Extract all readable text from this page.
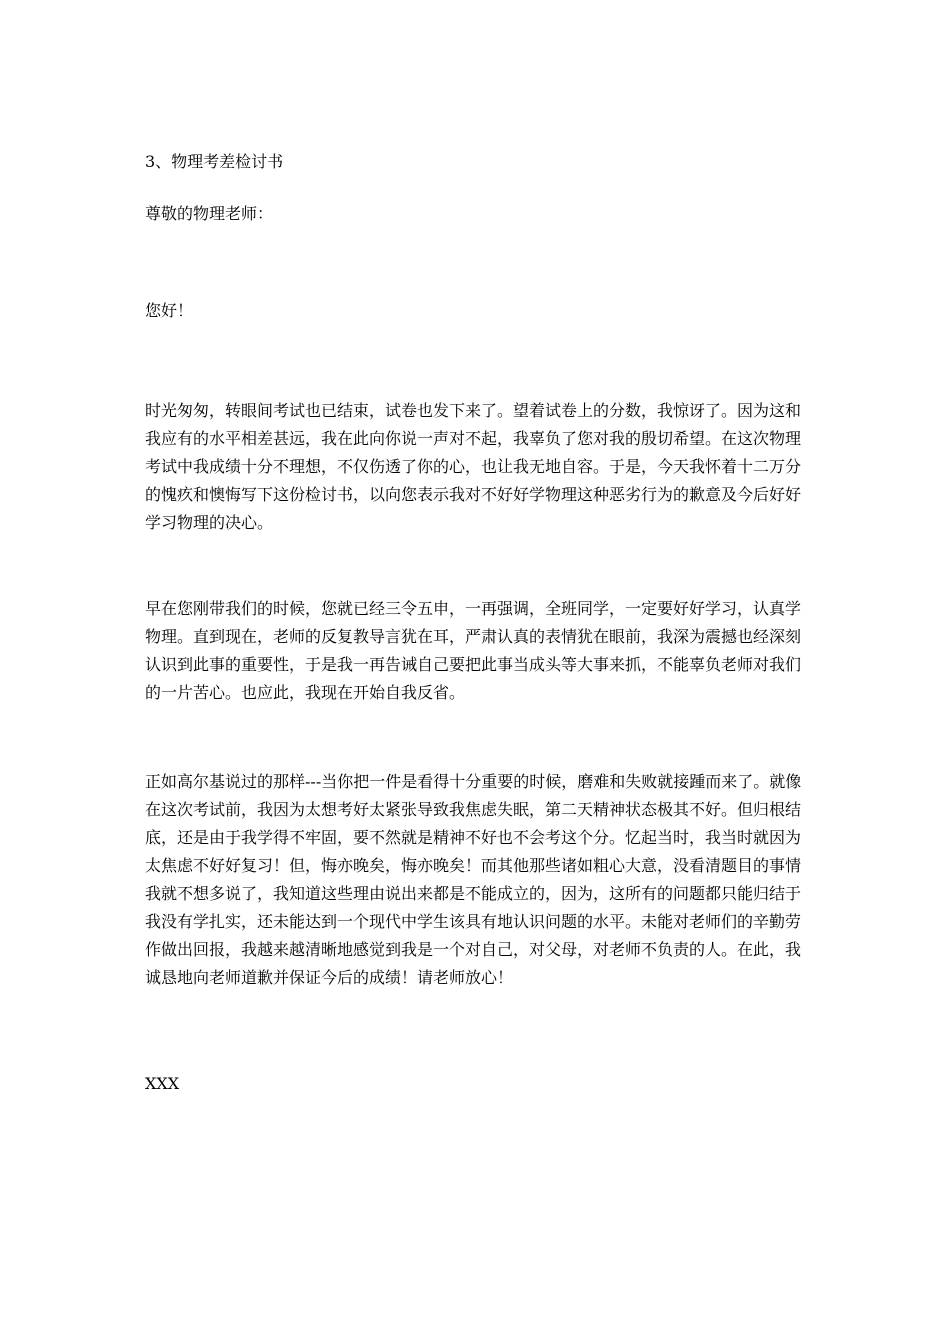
3、物理考差检讨书
尊敬的物理老师：
您好！
时光匆匆，转眼间考试也已结束，试卷也发下来了。望着试卷上的分数，我惊讶了。因为这和我应有的水平相差甚远，我在此向你说一声对不起，我辜负了您对我的殷切希望。在这次物理考试中我成绩十分不理想，不仅伤透了你的心，也让我无地自容。于是，今天我怀着十二万分的愧疚和懊悔写下这份检讨书，以向您表示我对不好好学物理这种恶劣行为的歉意及今后好好学习物理的决心。
早在您刚带我们的时候，您就已经三令五申，一再强调，全班同学，一定要好好学习，认真学物理。直到现在，老师的反复教导言犹在耳，严肃认真的表情犹在眼前，我深为震撼也经深刻认识到此事的重要性，于是我一再告诫自己要把此事当成头等大事来抓，不能辜负老师对我们的一片苦心。也应此，我现在开始自我反省。
正如高尔基说过的那样---当你把一件是看得十分重要的时候，磨难和失败就接踵而来了。就像在这次考试前，我因为太想考好太紧张导致我焦虑失眠，第二天精神状态极其不好。但归根结底，还是由于我学得不牢固，要不然就是精神不好也不会考这个分。忆起当时，我当时就因为太焦虑不好好复习！但，悔亦晚矣，悔亦晚矣！而其他那些诸如粗心大意，没看清题目的事情我就不想多说了，我知道这些理由说出来都是不能成立的，因为，这所有的问题都只能归结于我没有学扎实，还未能达到一个现代中学生该具有地认识问题的水平。未能对老师们的辛勤劳作做出回报，我越来越清晰地感觉到我是一个对自己，对父母，对老师不负责的人。在此，我诚恳地向老师道歉并保证今后的成绩！请老师放心！
XXX
